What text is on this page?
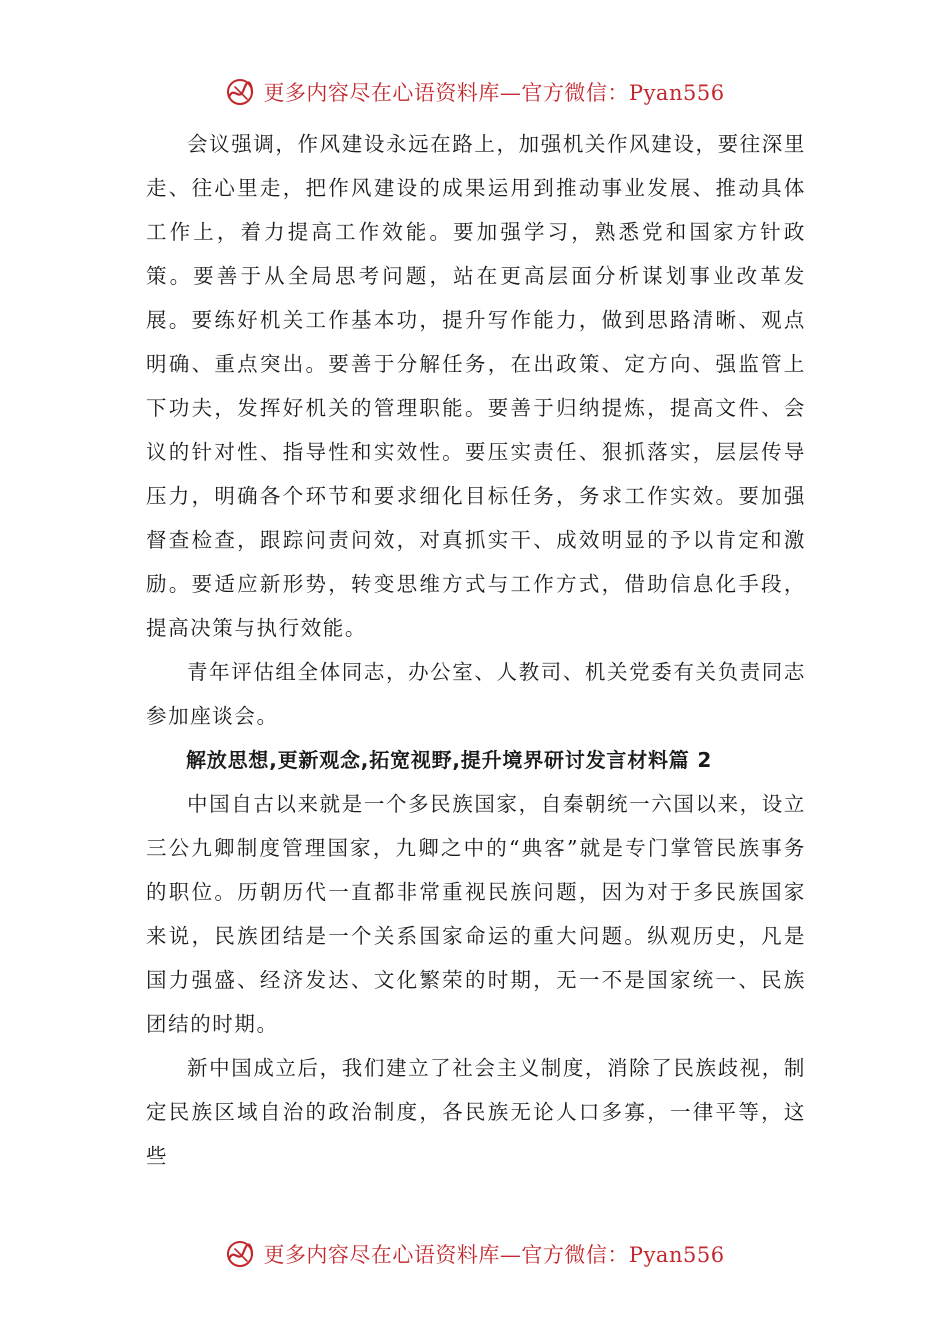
更多内容尽在心语资料库—官方微信：Pyan556

会议强调，作风建设永远在路上，加强机关作风建设，要往深里走、往心里走，把作风建设的成果运用到推动事业发展、推动具体工作上，着力提高工作效能。要加强学习，熟悉党和国家方针政策。要善于从全局思考问题，站在更高层面分析谋划事业改革发展。要练好机关工作基本功，提升写作能力，做到思路清晰、观点明确、重点突出。要善于分解任务，在出政策、定方向、强监管上下功夫，发挥好机关的管理职能。要善于归纳提炼，提高文件、会议的针对性、指导性和实效性。要压实责任、狠抓落实，层层传导压力，明确各个环节和要求细化目标任务，务求工作实效。要加强督查检查，跟踪问责问效，对真抓实干、成效明显的予以肯定和激励。要适应新形势，转变思维方式与工作方式，借助信息化手段，提高决策与执行效能。

青年评估组全体同志，办公室、人教司、机关党委有关负责同志参加座谈会。

解放思想,更新观念,拓宽视野,提升境界研讨发言材料篇 2

中国自古以来就是一个多民族国家，自秦朝统一六国以来，设立三公九卿制度管理国家，九卿之中的“典客”就是专门掌管民族事务的职位。历朝历代一直都非常重视民族问题，因为对于多民族国家来说，民族团结是一个关系国家命运的重大问题。纵观历史，凡是国力强盛、经济发达、文化繁荣的时期，无一不是国家统一、民族团结的时期。

新中国成立后，我们建立了社会主义制度，消除了民族歧视，制定民族区域自治的政治制度，各民族无论人口多寡，一律平等，这些

更多内容尽在心语资料库—官方微信：Pyan556
